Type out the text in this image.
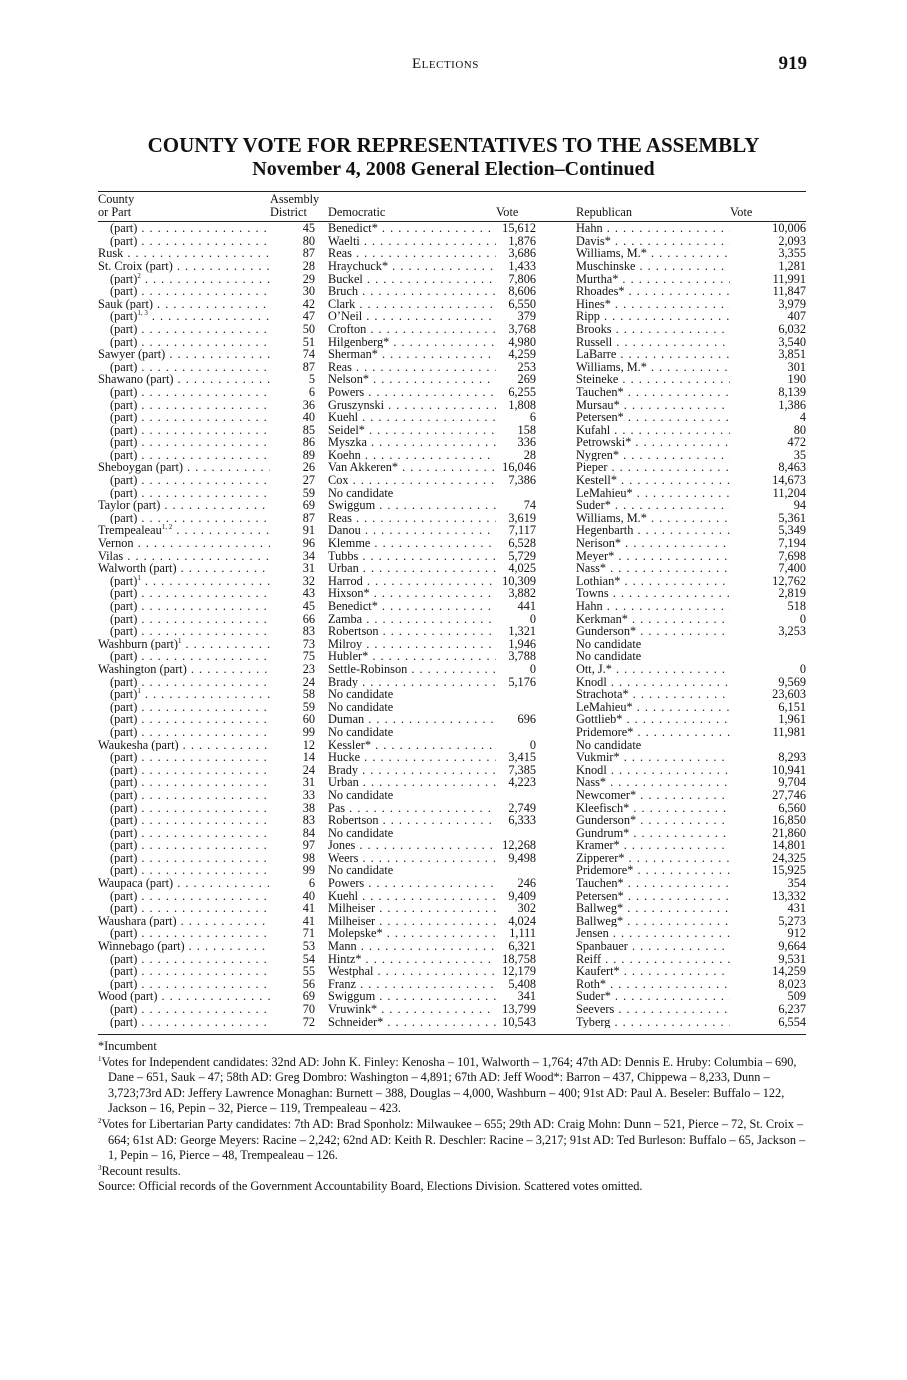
Elections	919
COUNTY VOTE FOR REPRESENTATIVES TO THE ASSEMBLY
November 4, 2008 General Election–Continued
County
or Part	Assembly
District	Democratic	Vote		Republican	Vote

(part) . . .	45	Benedict* . . .	15,612		Hahn . . .	10,006
(part) . . .	80	Waelti . . .	1,876		Davis* . . .	2,093
Rusk . . .	87	Reas . . .	3,686		Williams, M.* . . .	3,355
St. Croix (part) . . .	28	Hraychuck* . . .	1,433		Muschinske . . .	1,281
(part)$^2$ . . .	29	Buckel . . .	7,806		Murtha* . . .	11,991
(part) . . .	30	Bruch . . .	8,606		Rhoades* . . .	11,847
Sauk (part) . . .	42	Clark . . .	6,550		Hines* . . .	3,979
(part)$^{1, 3}$ . . .	47	O’Neil . . .	379		Ripp . . .	407
(part) . . .	50	Crofton . . .	3,768		Brooks . . .	6,032
(part) . . .	51	Hilgenberg* . . .	4,980		Russell . . .	3,540
Sawyer (part) . . .	74	Sherman* . . .	4,259		LaBarre . . .	3,851
(part) . . .	87	Reas . . .	253		Williams, M.* . . .	301
Shawano (part) . . .	5	Nelson* . . .	269		Steineke . . .	190
(part) . . .	6	Powers . . .	6,255		Tauchen* . . .	8,139
(part) . . .	36	Gruszynski . . .	1,808		Mursau* . . .	1,386
(part) . . .	40	Kuehl . . .	6		Petersen* . . .	4
(part) . . .	85	Seidel* . . .	158		Kufahl . . .	80
(part) . . .	86	Myszka . . .	336		Petrowski* . . .	472
(part) . . .	89	Koehn . . .	28		Nygren* . . .	35
Sheboygan (part) . . .	26	Van Akkeren* . . .	16,046		Pieper . . .	8,463
(part) . . .	27	Cox . . .	7,386		Kestell* . . .	14,673
(part) . . .	59	No candidate			LeMahieu* . . .	11,204
Taylor (part) . . .	69	Swiggum . . .	74		Suder* . . .	94
(part) . . .	87	Reas . . .	3,619		Williams, M.* . . .	5,361
Trempealeau$^{1, 2}$ . . .	91	Danou . . .	7,117		Hegenbarth . . .	5,349
Vernon . . .	96	Klemme . . .	6,528		Nerison* . . .	7,194
Vilas . . .	34	Tubbs . . .	5,729		Meyer* . . .	7,698
Walworth (part) . . .	31	Urban . . .	4,025		Nass* . . .	7,400
(part)$^1$ . . .	32	Harrod . . .	10,309		Lothian* . . .	12,762
(part) . . .	43	Hixson* . . .	3,882		Towns . . .	2,819
(part) . . .	45	Benedict* . . .	441		Hahn . . .	518
(part) . . .	66	Zamba . . .	0		Kerkman* . . .	0
(part) . . .	83	Robertson . . .	1,321		Gunderson* . . .	3,253
Washburn (part)$^1$ . . .	73	Milroy . . .	1,946		No candidate	
(part) . . .	75	Hubler* . . .	3,788		No candidate	
Washington (part) . . .	23	Settle-Robinson . . .	0		Ott, J.* . . .	0
(part) . . .	24	Brady . . .	5,176		Knodl . . .	9,569
(part)$^1$ . . .	58	No candidate			Strachota* . . .	23,603
(part) . . .	59	No candidate			LeMahieu* . . .	6,151
(part) . . .	60	Duman . . .	696		Gottlieb* . . .	1,961
(part) . . .	99	No candidate			Pridemore* . . .	11,981
Waukesha (part) . . .	12	Kessler* . . .	0		No candidate	
(part) . . .	14	Hucke . . .	3,415		Vukmir* . . .	8,293
(part) . . .	24	Brady . . .	7,385		Knodl . . .	10,941
(part) . . .	31	Urban . . .	4,223		Nass* . . .	9,704
(part) . . .	33	No candidate			Newcomer* . . .	27,746
(part) . . .	38	Pas . . .	2,749		Kleefisch* . . .	6,560
(part) . . .	83	Robertson . . .	6,333		Gunderson* . . .	16,850
(part) . . .	84	No candidate			Gundrum* . . .	21,860
(part) . . .	97	Jones . . .	12,268		Kramer* . . .	14,801
(part) . . .	98	Weers . . .	9,498		Zipperer* . . .	24,325
(part) . . .	99	No candidate			Pridemore* . . .	15,925
Waupaca (part) . . .	6	Powers . . .	246		Tauchen* . . .	354
(part) . . .	40	Kuehl . . .	9,409		Petersen* . . .	13,332
(part) . . .	41	Milheiser . . .	302		Ballweg* . . .	431
Waushara (part) . . .	41	Milheiser . . .	4,024		Ballweg* . . .	5,273
(part) . . .	71	Molepske* . . .	1,111		Jensen . . .	912
Winnebago (part) . . .	53	Mann . . .	6,321		Spanbauer . . .	9,664
(part) . . .	54	Hintz* . . .	18,758		Reiff . . .	9,531
(part) . . .	55	Westphal . . .	12,179		Kaufert* . . .	14,259
(part) . . .	56	Franz . . .	5,408		Roth* . . .	8,023
Wood (part) . . .	69	Swiggum . . .	341		Suder* . . .	509
(part) . . .	70	Vruwink* . . .	13,799		Seevers . . .	6,237
(part) . . .	72	Schneider* . . .	10,543		Tyberg . . .	6,554

*Incumbent

$^1$Votes for Independent candidates: 32nd AD: John K. Finley: Kenosha – 101, Walworth – 1,764; 47th AD: Dennis E. Hruby: Columbia – 690, Dane – 651, Sauk – 47; 58th AD: Greg Dombro: Washington – 4,891; 67th AD: Jeff Wood*: Barron – 437, Chippewa – 8,233, Dunn – 3,723;73rd AD: Jeffery Lawrence Monaghan: Burnett – 388, Douglas – 4,000, Washburn – 400; 91st AD: Paul A. Beseler: Buffalo – 122, Jackson – 16, Pepin – 32, Pierce – 119, Trempealeau – 423.

$^2$Votes for Libertarian Party candidates: 7th AD: Brad Sponholz: Milwaukee – 655; 29th AD: Craig Mohn: Dunn – 521, Pierce – 72, St. Croix – 664; 61st AD: George Meyers: Racine – 2,242; 62nd AD: Keith R. Deschler: Racine – 3,217; 91st AD: Ted Burleson: Buffalo – 65, Jackson – 1, Pepin – 16, Pierce – 48, Trempealeau – 126.

$^3$Recount results.

Source: Official records of the Government Accountability Board, Elections Division. Scattered votes omitted.
